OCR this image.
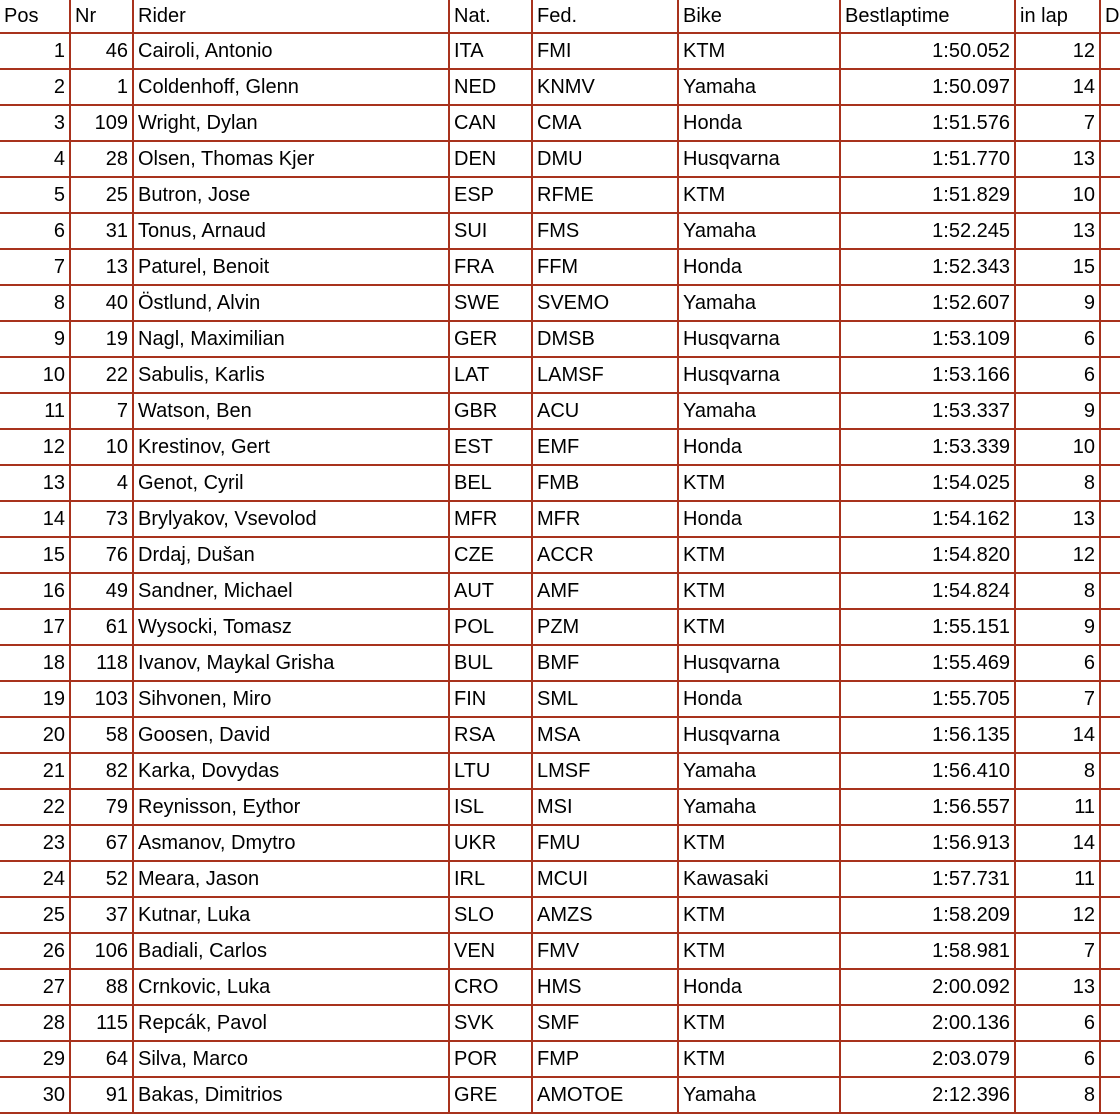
Pos	Nr	Rider	Nat.	Fed.	Bike	Bestlaptime	in lap	D
1	46	Cairoli, Antonio	ITA	FMI	KTM	1:50.052	12	
2	1	Coldenhoff, Glenn	NED	KNMV	Yamaha	1:50.097	14	
3	109	Wright, Dylan	CAN	CMA	Honda	1:51.576	7	
4	28	Olsen, Thomas Kjer	DEN	DMU	Husqvarna	1:51.770	13	
5	25	Butron, Jose	ESP	RFME	KTM	1:51.829	10	
6	31	Tonus, Arnaud	SUI	FMS	Yamaha	1:52.245	13	
7	13	Paturel, Benoit	FRA	FFM	Honda	1:52.343	15	
8	40	Östlund, Alvin	SWE	SVEMO	Yamaha	1:52.607	9	
9	19	Nagl, Maximilian	GER	DMSB	Husqvarna	1:53.109	6	
10	22	Sabulis, Karlis	LAT	LAMSF	Husqvarna	1:53.166	6	
11	7	Watson, Ben	GBR	ACU	Yamaha	1:53.337	9	
12	10	Krestinov, Gert	EST	EMF	Honda	1:53.339	10	
13	4	Genot, Cyril	BEL	FMB	KTM	1:54.025	8	
14	73	Brylyakov, Vsevolod	MFR	MFR	Honda	1:54.162	13	
15	76	Drdaj, Dušan	CZE	ACCR	KTM	1:54.820	12	
16	49	Sandner, Michael	AUT	AMF	KTM	1:54.824	8	
17	61	Wysocki, Tomasz	POL	PZM	KTM	1:55.151	9	
18	118	Ivanov, Maykal Grisha	BUL	BMF	Husqvarna	1:55.469	6	
19	103	Sihvonen, Miro	FIN	SML	Honda	1:55.705	7	
20	58	Goosen, David	RSA	MSA	Husqvarna	1:56.135	14	
21	82	Karka, Dovydas	LTU	LMSF	Yamaha	1:56.410	8	
22	79	Reynisson, Eythor	ISL	MSI	Yamaha	1:56.557	11	
23	67	Asmanov, Dmytro	UKR	FMU	KTM	1:56.913	14	
24	52	Meara, Jason	IRL	MCUI	Kawasaki	1:57.731	11	
25	37	Kutnar, Luka	SLO	AMZS	KTM	1:58.209	12	
26	106	Badiali, Carlos	VEN	FMV	KTM	1:58.981	7	
27	88	Crnkovic, Luka	CRO	HMS	Honda	2:00.092	13	
28	115	Repcák, Pavol	SVK	SMF	KTM	2:00.136	6	
29	64	Silva, Marco	POR	FMP	KTM	2:03.079	6	
30	91	Bakas, Dimitrios	GRE	AMOTOE	Yamaha	2:12.396	8	
